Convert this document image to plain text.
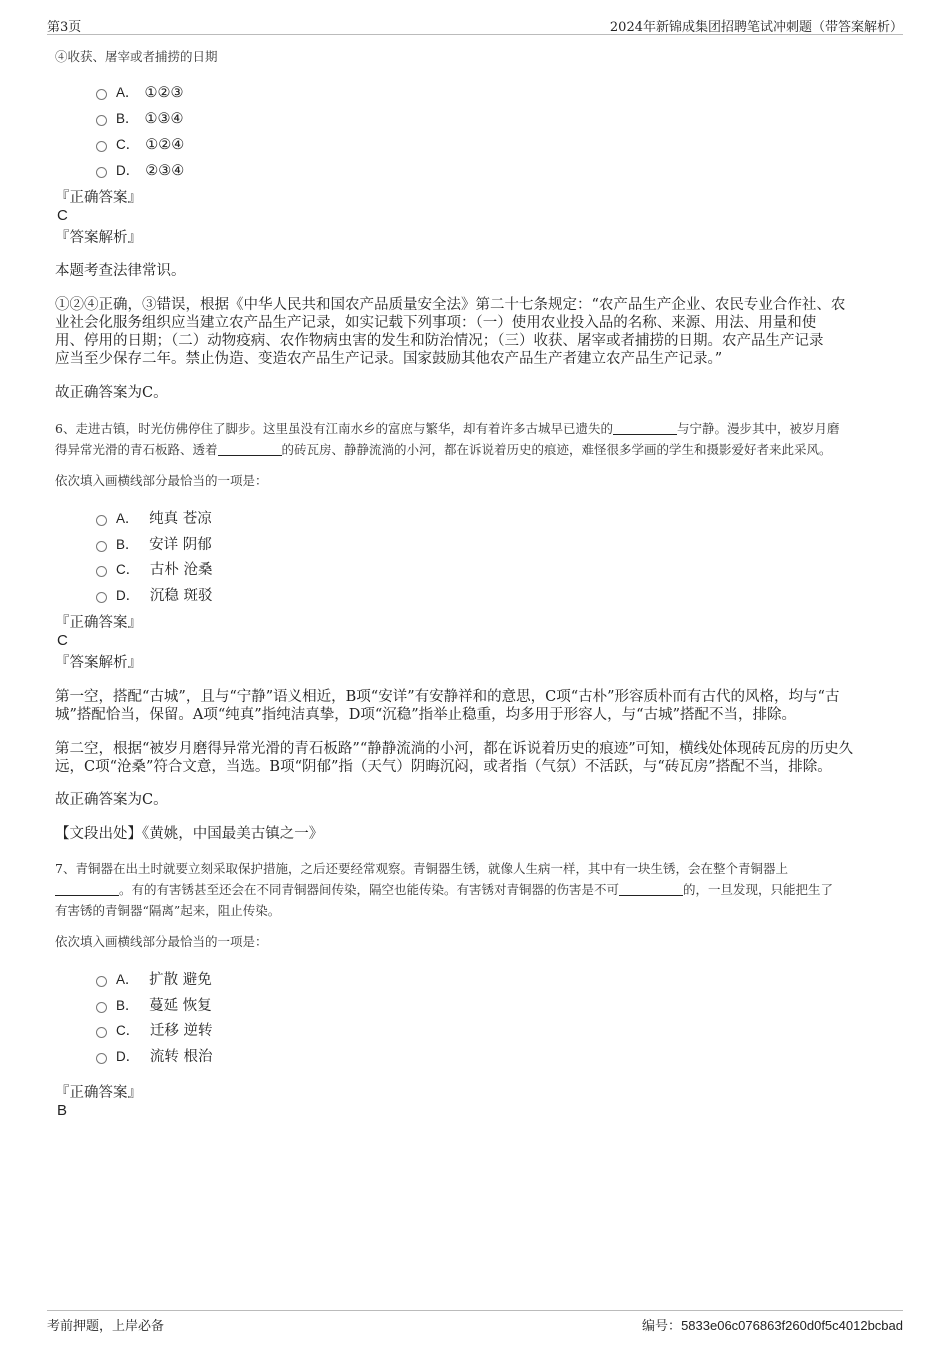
第3页	2024年新锦成集团招聘笔试冲刺题（带答案解析）
④收获、屠宰或者捕捞的日期
A． ①②③
B． ①③④
C． ①②④
D． ②③④
『正确答案』
C
『答案解析』
本题考查法律常识。
①②④正确，③错误，根据《中华人民共和国农产品质量安全法》第二十七条规定：“农产品生产企业、农民专业合作社、农
业社会化服务组织应当建立农产品生产记录，如实记载下列事项：（一）使用农业投入品的名称、来源、用法、用量和使
用、停用的日期；（二）动物疫病、农作物病虫害的发生和防治情况；（三）收获、屠宰或者捕捞的日期。农产品生产记录
应当至少保存二年。禁止伪造、变造农产品生产记录。国家鼓励其他农产品生产者建立农产品生产记录。”
故正确答案为C。
6、走进古镇，时光仿佛停住了脚步。这里虽没有江南水乡的富庶与繁华，却有着许多古城早已遗失的	与宁静。漫步其中，被岁月磨
得异常光滑的青石板路、透着	的砖瓦房、静静流淌的小河，都在诉说着历史的痕迹，难怪很多学画的学生和摄影爱好者来此采风。
依次填入画横线部分最恰当的一项是：
A． 纯真 苍凉
B． 安详 阴郁
C． 古朴 沧桑
D． 沉稳 斑驳
『正确答案』
C
『答案解析』
第一空，搭配“古城”，且与“宁静”语义相近，B项“安详”有安静祥和的意思，C项“古朴”形容质朴而有古代的风格，均与“古
城”搭配恰当，保留。A项“纯真”指纯洁真挚，D项“沉稳”指举止稳重，均多用于形容人，与“古城”搭配不当，排除。
第二空，根据“被岁月磨得异常光滑的青石板路”“静静流淌的小河，都在诉说着历史的痕迹”可知，横线处体现砖瓦房的历史久
远，C项“沧桑”符合文意，当选。B项“阴郁”指（天气）阴晦沉闷，或者指（气氛）不活跃，与“砖瓦房”搭配不当，排除。
故正确答案为C。
【文段出处】《黄姚，中国最美古镇之一》
7、青铜器在出土时就要立刻采取保护措施，之后还要经常观察。青铜器生锈，就像人生病一样，其中有一块生锈，会在整个青铜器上
。有的有害锈甚至还会在不同青铜器间传染，隔空也能传染。有害锈对青铜器的伤害是不可	的，一旦发现，只能把生了
有害锈的青铜器“隔离”起来，阻止传染。
依次填入画横线部分最恰当的一项是：
A． 扩散 避免
B． 蔓延 恢复
C． 迁移 逆转
D． 流转 根治
『正确答案』
B
考前押题，上岸必备	编号：5833e06c076863f260d0f5c4012bcbad
